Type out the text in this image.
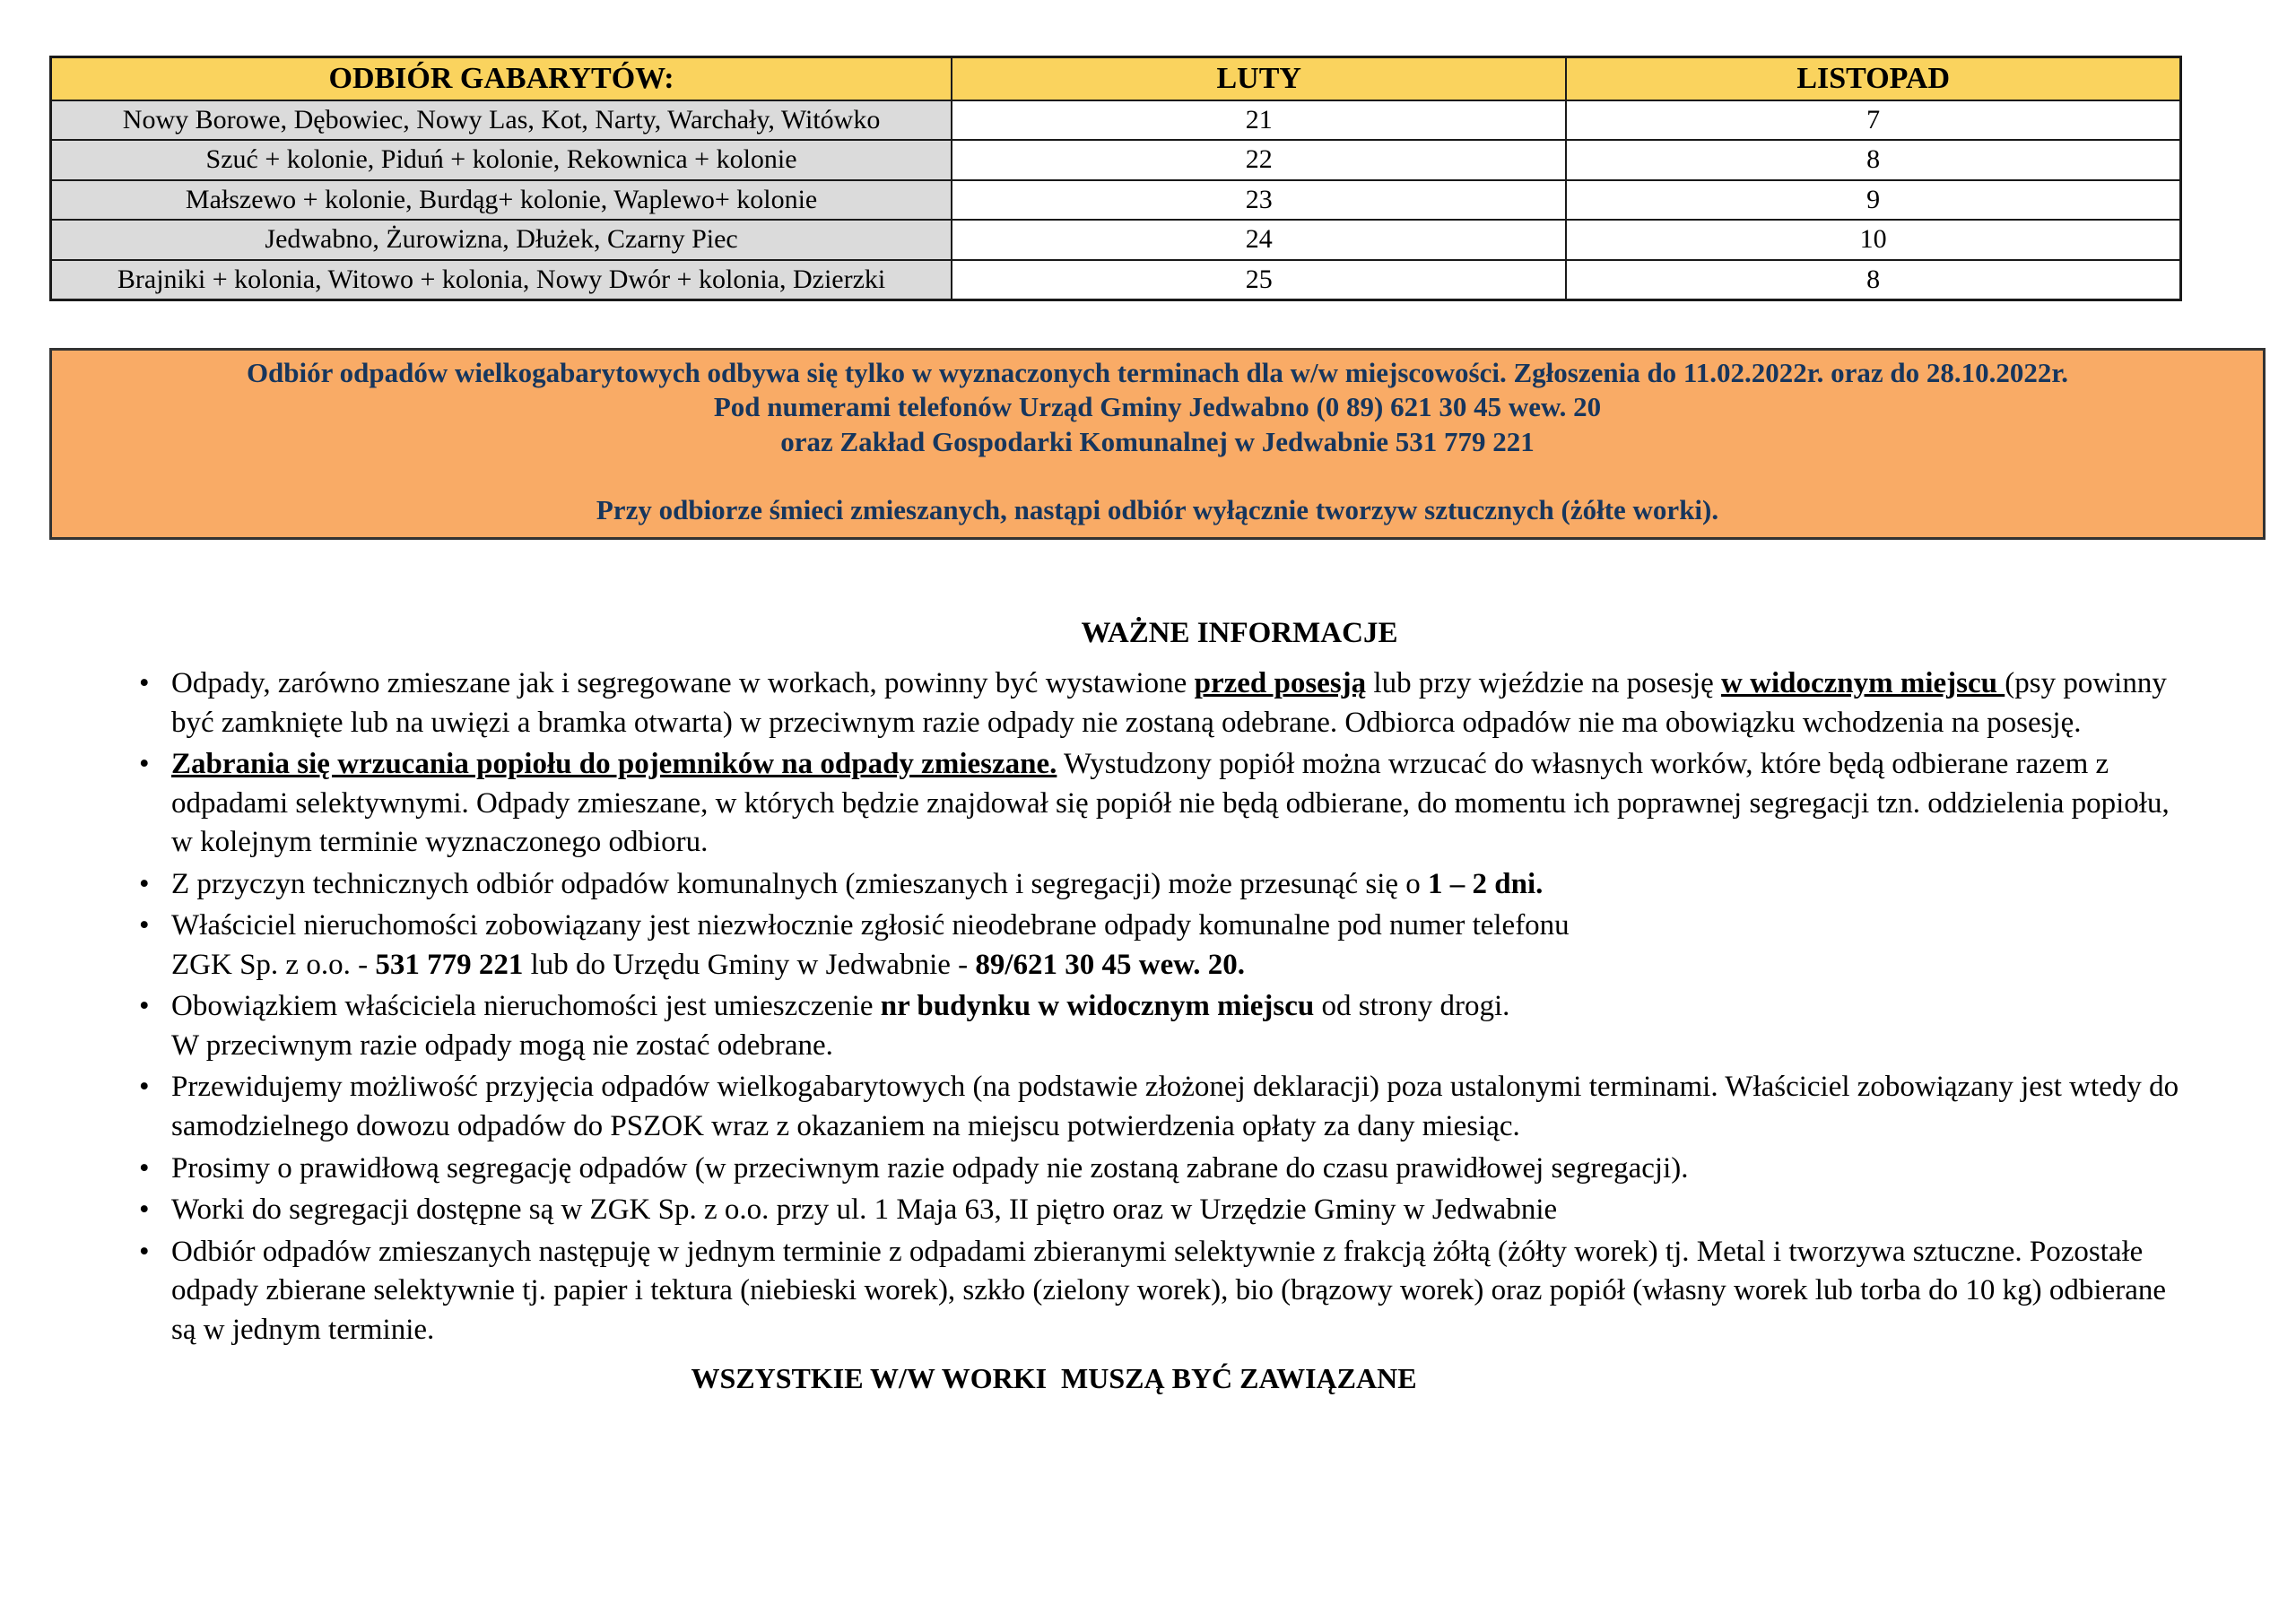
ODBIÓR GABARYTÓW:	LUTY	LISTOPAD
Nowy Borowe, Dębowiec, Nowy Las, Kot, Narty, Warchały, Witówko	21	7
Szuć + kolonie, Piduń + kolonie, Rekownica + kolonie	22	8
Małszewo + kolonie, Burdąg+ kolonie, Waplewo+ kolonie	23	9
Jedwabno, Żurowizna, Dłużek, Czarny Piec	24	10
Brajniki + kolonia, Witowo + kolonia, Nowy Dwór + kolonia, Dzierzki	25	8
Odbiór odpadów wielkogabarytowych odbywa się tylko w wyznaczonych terminach dla w/w miejscowości. Zgłoszenia do 11.02.2022r. oraz do 28.10.2022r.
Pod numerami telefonów Urząd Gminy Jedwabno (0 89) 621 30 45 wew. 20
oraz Zakład Gospodarki Komunalnej w Jedwabnie 531 779 221
Przy odbiorze śmieci zmieszanych, nastąpi odbiór wyłącznie tworzyw sztucznych (żółte worki).
WAŻNE INFORMACJE
• Odpady, zarówno zmieszane jak i segregowane w workach, powinny być wystawione przed posesją lub przy wjeździe na posesję w widocznym miejscu (psy powinny być zamknięte lub na uwięzi a bramka otwarta) w przeciwnym razie odpady nie zostaną odebrane. Odbiorca odpadów nie ma obowiązku wchodzenia na posesję.
• Zabrania się wrzucania popiołu do pojemników na odpady zmieszane. Wystudzony popiół można wrzucać do własnych worków, które będą odbierane razem z odpadami selektywnymi. Odpady zmieszane, w których będzie znajdował się popiół nie będą odbierane, do momentu ich poprawnej segregacji tzn. oddzielenia popiołu, w kolejnym terminie wyznaczonego odbioru.
• Z przyczyn technicznych odbiór odpadów komunalnych (zmieszanych i segregacji) może przesunąć się o 1 – 2 dni.
• Właściciel nieruchomości zobowiązany jest niezwłocznie zgłosić nieodebrane odpady komunalne pod numer telefonu
ZGK Sp. z o.o. - 531 779 221 lub do Urzędu Gminy w Jedwabnie - 89/621 30 45 wew. 20.
• Obowiązkiem właściciela nieruchomości jest umieszczenie nr budynku w widocznym miejscu od strony drogi.
W przeciwnym razie odpady mogą nie zostać odebrane.
• Przewidujemy możliwość przyjęcia odpadów wielkogabarytowych (na podstawie złożonej deklaracji) poza ustalonymi terminami. Właściciel zobowiązany jest wtedy do samodzielnego dowozu odpadów do PSZOK wraz z okazaniem na miejscu potwierdzenia opłaty za dany miesiąc.
• Prosimy o prawidłową segregację odpadów (w przeciwnym razie odpady nie zostaną zabrane do czasu prawidłowej segregacji).
• Worki do segregacji dostępne są w ZGK Sp. z o.o. przy ul. 1 Maja 63, II piętro oraz w Urzędzie Gminy w Jedwabnie
• Odbiór odpadów zmieszanych następuję w jednym terminie z odpadami zbieranymi selektywnie z frakcją żółtą (żółty worek) tj. Metal i tworzywa sztuczne. Pozostałe odpady zbierane selektywnie tj. papier i tektura (niebieski worek), szkło (zielony worek), bio (brązowy worek) oraz popiół (własny worek lub torba do 10 kg) odbierane są w jednym terminie.
WSZYSTKIE W/W WORKI  MUSZĄ BYĆ ZAWIĄZANE
